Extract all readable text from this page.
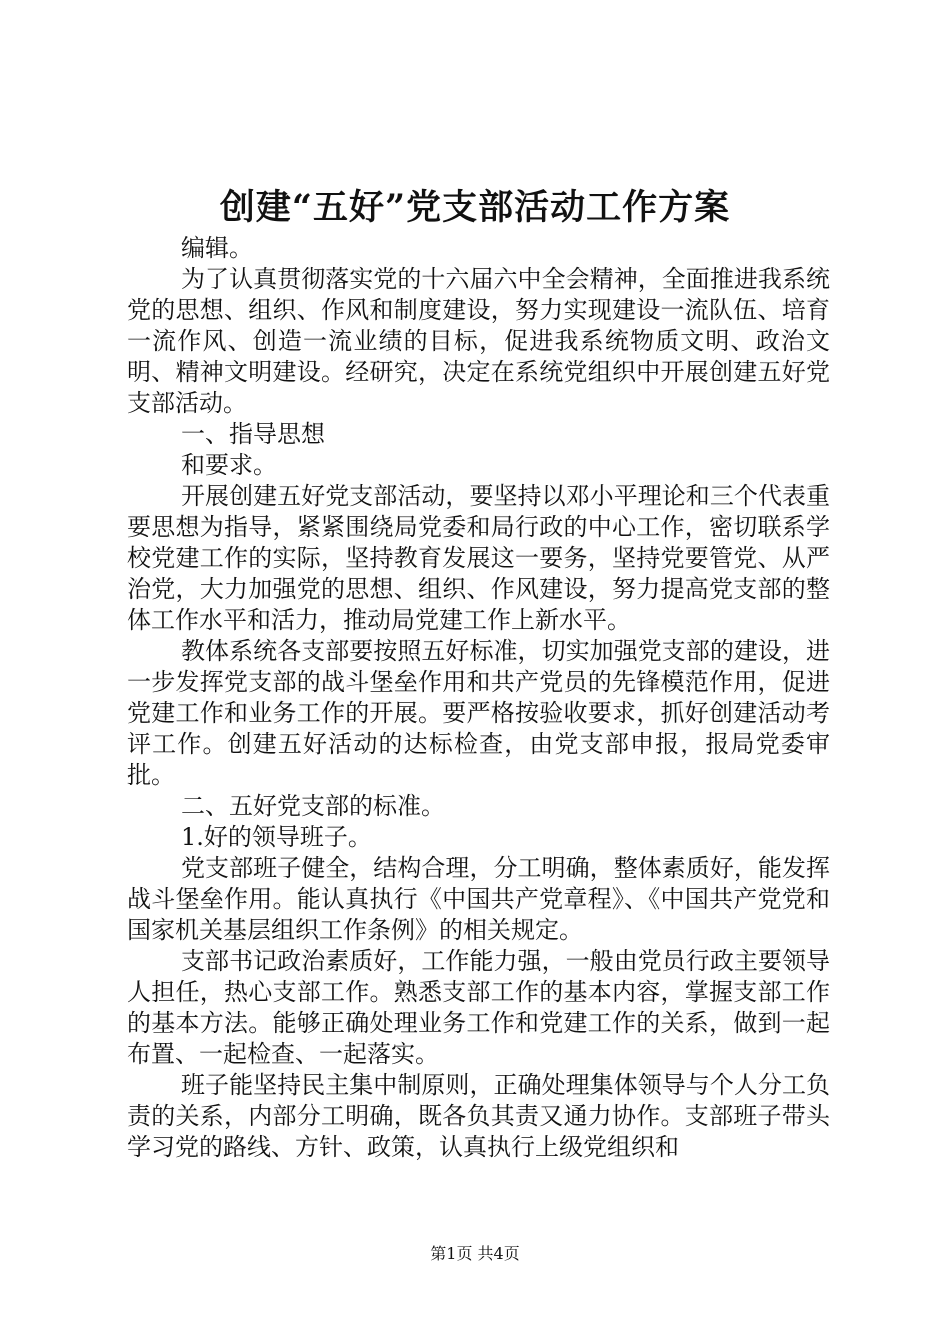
创建“五好”党支部活动工作方案

编辑。

为了认真贯彻落实党的十六届六中全会精神，全面推进我系统党的思想、组织、作风和制度建设，努力实现建设一流队伍、培育一流作风、创造一流业绩的目标，促进我系统物质文明、政治文明、精神文明建设。经研究，决定在系统党组织中开展创建五好党支部活动。

一、指导思想

和要求。

开展创建五好党支部活动，要坚持以邓小平理论和三个代表重要思想为指导，紧紧围绕局党委和局行政的中心工作，密切联系学校党建工作的实际，坚持教育发展这一要务，坚持党要管党、从严治党，大力加强党的思想、组织、作风建设，努力提高党支部的整体工作水平和活力，推动局党建工作上新水平。

教体系统各支部要按照五好标准，切实加强党支部的建设，进一步发挥党支部的战斗堡垒作用和共产党员的先锋模范作用，促进党建工作和业务工作的开展。要严格按验收要求，抓好创建活动考评工作。创建五好活动的达标检查，由党支部申报，报局党委审批。

二、五好党支部的标准。

1.好的领导班子。

党支部班子健全，结构合理，分工明确，整体素质好，能发挥战斗堡垒作用。能认真执行《中国共产党章程》、《中国共产党党和国家机关基层组织工作条例》的相关规定。

支部书记政治素质好，工作能力强，一般由党员行政主要领导人担任，热心支部工作。熟悉支部工作的基本内容，掌握支部工作的基本方法。能够正确处理业务工作和党建工作的关系，做到一起布置、一起检查、一起落实。

班子能坚持民主集中制原则，正确处理集体领导与个人分工负责的关系，内部分工明确，既各负其责又通力协作。支部班子带头学习党的路线、方针、政策，认真执行上级党组织和

第1页 共4页
